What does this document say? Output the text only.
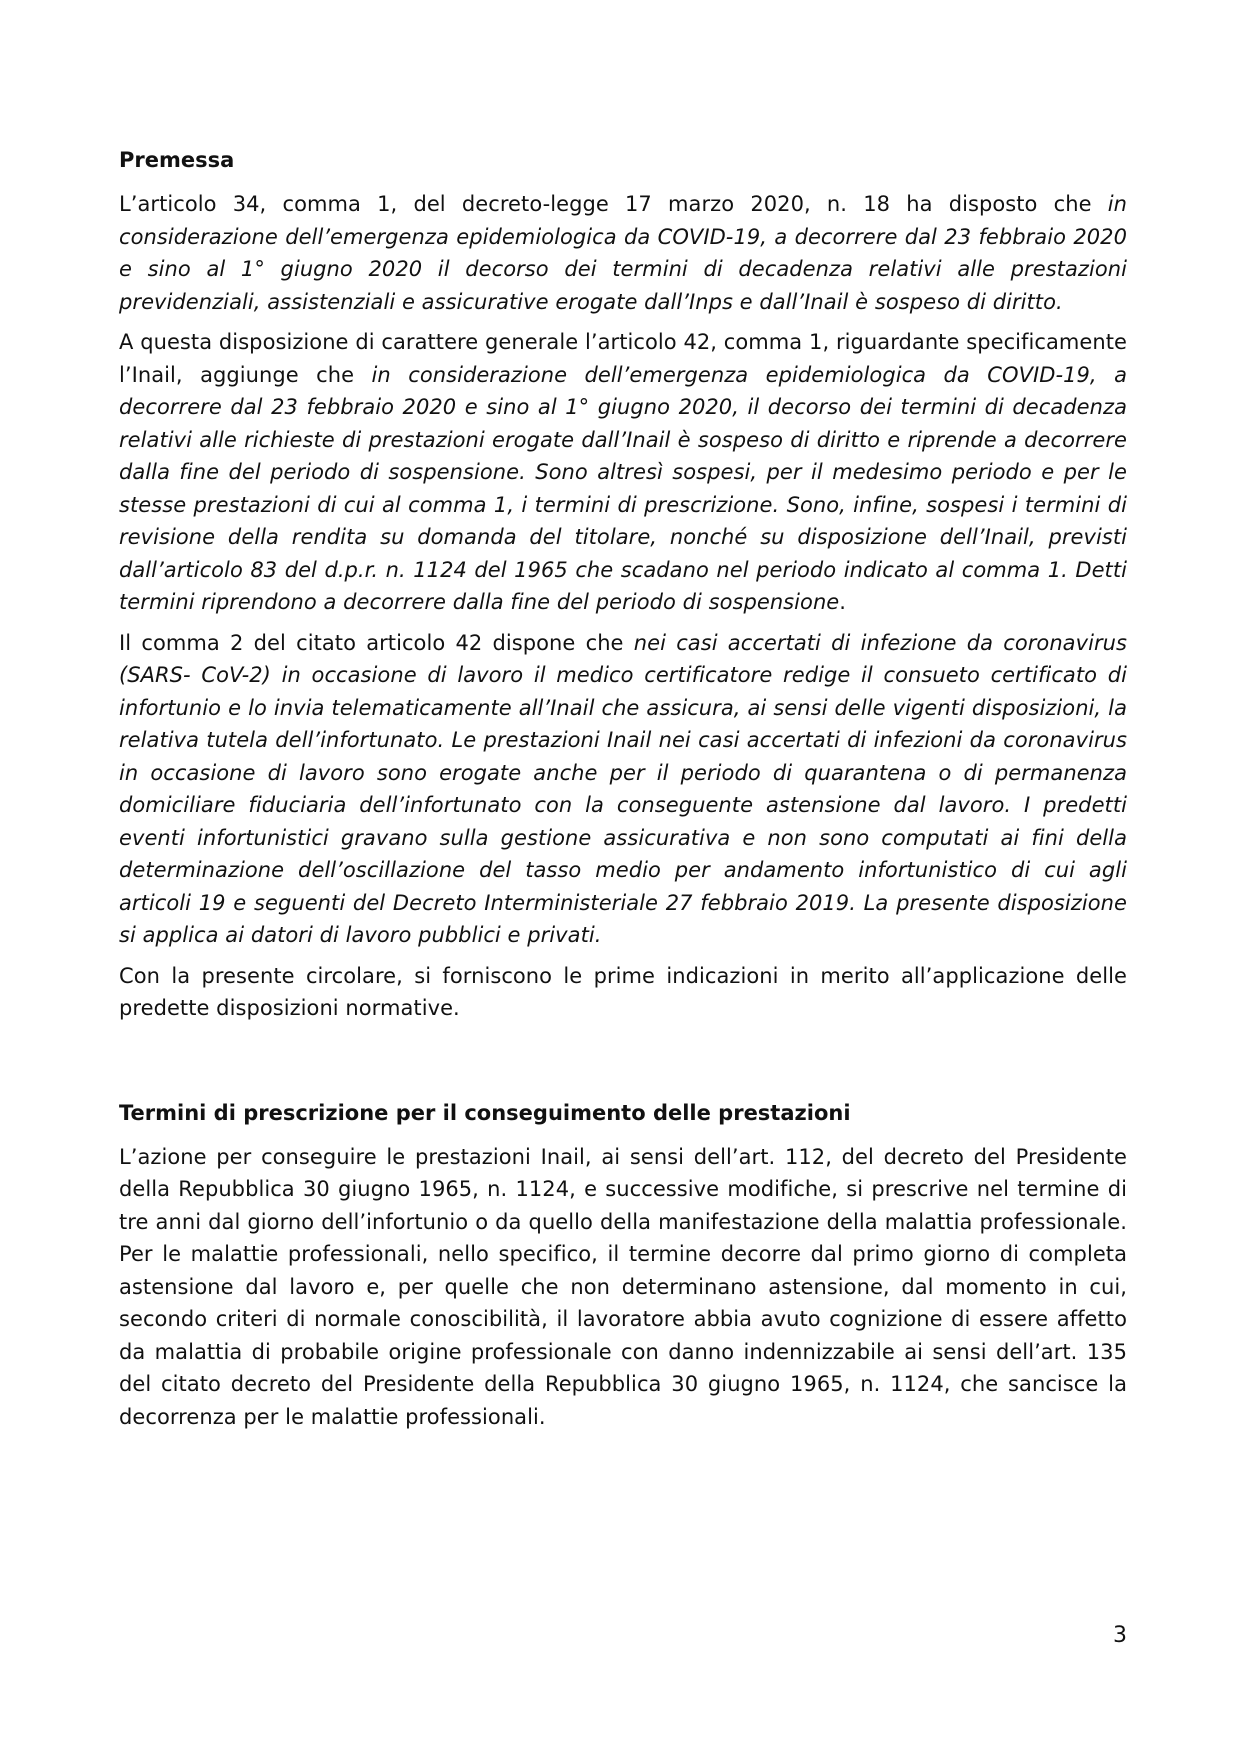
Premessa

L’articolo 34, comma 1, del decreto-legge 17 marzo 2020, n. 18 ha disposto che in considerazione dell’emergenza epidemiologica da COVID-19, a decorrere dal 23 febbraio 2020 e sino al 1° giugno 2020 il decorso dei termini di decadenza relativi alle prestazioni previdenziali, assistenziali e assicurative erogate dall’Inps e dall’Inail è sospeso di diritto.

A questa disposizione di carattere generale l’articolo 42, comma 1, riguardante specificamente l’Inail, aggiunge che in considerazione dell’emergenza epidemiologica da COVID-19, a decorrere dal 23 febbraio 2020 e sino al 1° giugno 2020, il decorso dei termini di decadenza relativi alle richieste di prestazioni erogate dall’Inail è sospeso di diritto e riprende a decorrere dalla fine del periodo di sospensione. Sono altresì sospesi, per il medesimo periodo e per le stesse prestazioni di cui al comma 1, i termini di prescrizione. Sono, infine, sospesi i termini di revisione della rendita su domanda del titolare, nonché su disposizione dell’Inail, previsti dall’articolo 83 del d.p.r. n. 1124 del 1965 che scadano nel periodo indicato al comma 1. Detti termini riprendono a decorrere dalla fine del periodo di sospensione.

Il comma 2 del citato articolo 42 dispone che nei casi accertati di infezione da coronavirus (SARS- CoV-2) in occasione di lavoro il medico certificatore redige il consueto certificato di infortunio e lo invia telematicamente all’Inail che assicura, ai sensi delle vigenti disposizioni, la relativa tutela dell’infortunato. Le prestazioni Inail nei casi accertati di infezioni da coronavirus in occasione di lavoro sono erogate anche per il periodo di quarantena o di permanenza domiciliare fiduciaria dell’infortunato con la conseguente astensione dal lavoro. I predetti eventi infortunistici gravano sulla gestione assicurativa e non sono computati ai fini della determinazione dell’oscillazione del tasso medio per andamento infortunistico di cui agli articoli 19 e seguenti del Decreto Interministeriale 27 febbraio 2019. La presente disposizione si applica ai datori di lavoro pubblici e privati.

Con la presente circolare, si forniscono le prime indicazioni in merito all’applicazione delle predette disposizioni normative.

Termini di prescrizione per il conseguimento delle prestazioni

L’azione per conseguire le prestazioni Inail, ai sensi dell’art. 112, del decreto del Presidente della Repubblica 30 giugno 1965, n. 1124, e successive modifiche, si prescrive nel termine di tre anni dal giorno dell’infortunio o da quello della manifestazione della malattia professionale. Per le malattie professionali, nello specifico, il termine decorre dal primo giorno di completa astensione dal lavoro e, per quelle che non determinano astensione, dal momento in cui, secondo criteri di normale conoscibilità, il lavoratore abbia avuto cognizione di essere affetto da malattia di probabile origine professionale con danno indennizzabile ai sensi dell’art. 135 del citato decreto del Presidente della Repubblica 30 giugno 1965, n. 1124, che sancisce la decorrenza per le malattie professionali.

3
